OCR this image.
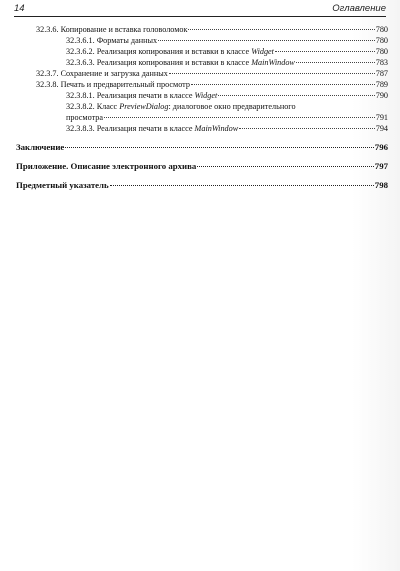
14	Оглавление
32.3.6. Копирование и вставка головоломок	780
32.3.6.1. Форматы данных	780
32.3.6.2. Реализация копирования и вставки в классе Widget	780
32.3.6.3. Реализация копирования и вставки в классе MainWindow	783
32.3.7. Сохранение и загрузка данных	787
32.3.8. Печать и предварительный просмотр	789
32.3.8.1. Реализация печати в классе Widget	790
32.3.8.2. Класс PreviewDialog: диалоговое окно предварительного
просмотра	791
32.3.8.3. Реализация печати в классе MainWindow	794
Заключение	796
Приложение. Описание электронного архива	797
Предметный указатель	798
